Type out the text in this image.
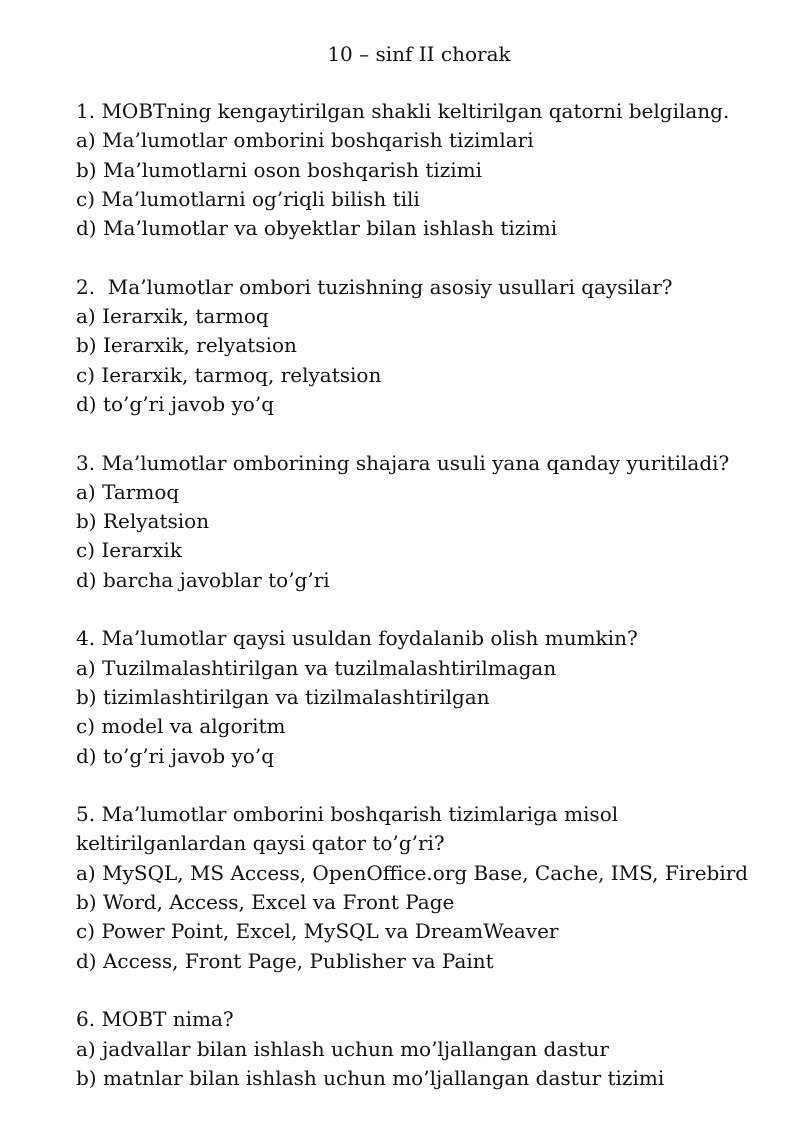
10 – sinf II chorak
1. MOBTning kengaytirilgan shakli keltirilgan qatorni belgilang.
a) Ma’lumotlar omborini boshqarish tizimlari
b) Ma’lumotlarni oson boshqarish tizimi
c) Ma’lumotlarni og’riqli bilish tili
d) Ma’lumotlar va obyektlar bilan ishlash tizimi
2.  Ma’lumotlar ombori tuzishning asosiy usullari qaysilar?
a) Ierarxik, tarmoq
b) Ierarxik, relyatsion
c) Ierarxik, tarmoq, relyatsion
d) to’g’ri javob yo’q
3. Ma’lumotlar omborining shajara usuli yana qanday yuritiladi?
a) Tarmoq
b) Relyatsion
c) Ierarxik
d) barcha javoblar to’g’ri
4. Ma’lumotlar qaysi usuldan foydalanib olish mumkin?
a) Tuzilmalashtirilgan va tuzilmalashtirilmagan
b) tizimlashtirilgan va tizilmalashtirilgan
c) model va algoritm
d) to’g’ri javob yo’q
5. Ma’lumotlar omborini boshqarish tizimlariga misol keltirilganlardan qaysi qator to’g’ri?
a) MySQL, MS Access, OpenOffice.org Base, Cache, IMS, Firebird
b) Word, Access, Excel va Front Page
c) Power Point, Excel, MySQL va DreamWeaver
d) Access, Front Page, Publisher va Paint
6. MOBT nima?
a) jadvallar bilan ishlash uchun mo’ljallangan dastur
b) matnlar bilan ishlash uchun mo’ljallangan dastur tizimi
